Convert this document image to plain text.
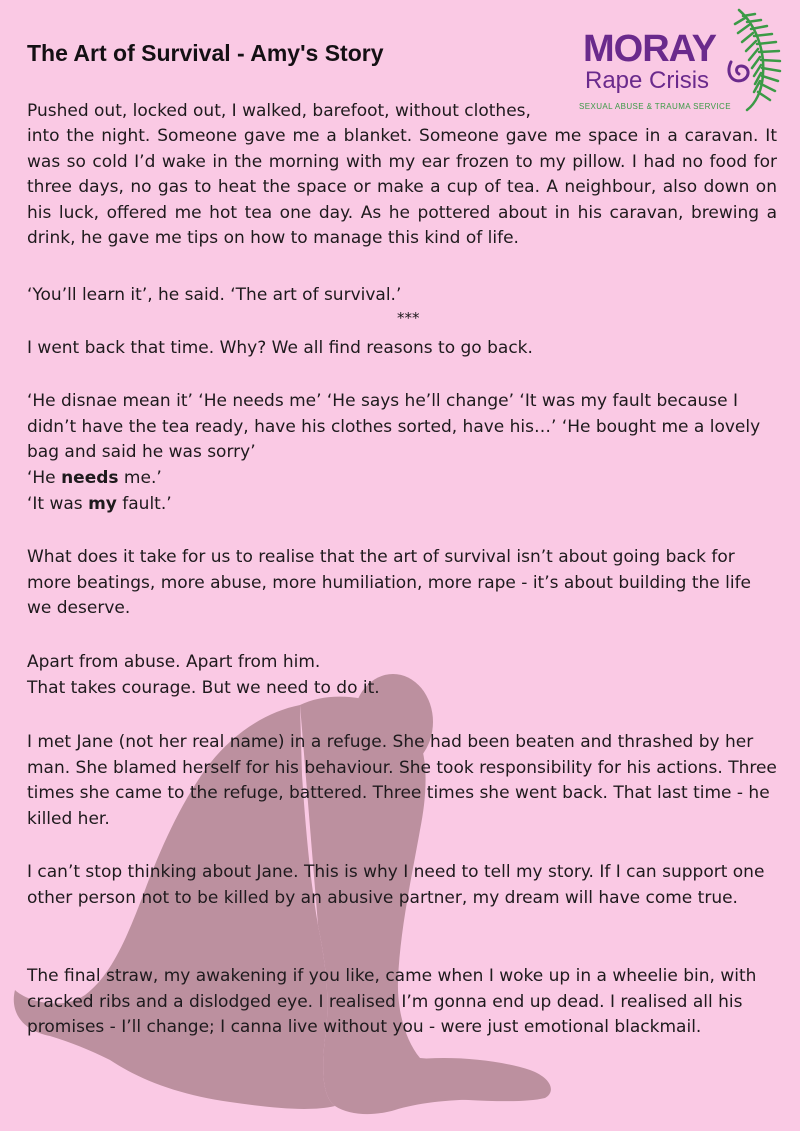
The Art of Survival - Amy's Story

Pushed out, locked out, I walked, barefoot, without clothes,

into the night. Someone gave me a blanket. Someone gave me space in a caravan. It was so cold I’d wake in the morning with my ear frozen to my pillow. I had no food for three days, no gas to heat the space or make a cup of tea. A neighbour, also down on his luck, offered me hot tea one day. As he pottered about in his caravan, brewing a drink, he gave me tips on how to manage this kind of life.

‘You’ll learn it’, he said. ‘The art of survival.’

***

I went back that time. Why? We all find reasons to go back.

‘He disnae mean it’ ‘He needs me’ ‘He says he’ll change’ ‘It was my fault because I didn’t have the tea ready, have his clothes sorted, have his…’ ‘He bought me a lovely bag and said he was sorry’

‘He needs me.’

‘It was my fault.’

What does it take for us to realise that the art of survival isn’t about going back for more beatings, more abuse, more humiliation, more rape - it’s about building the life we deserve.

Apart from abuse. Apart from him.

That takes courage. But we need to do it.

I met Jane (not her real name) in a refuge. She had been beaten and thrashed by her man. She blamed herself for his behaviour. She took responsibility for his actions. Three times she came to the refuge, battered. Three times she went back. That last time - he killed her.

I can’t stop thinking about Jane. This is why I need to tell my story. If I can support one other person not to be killed by an abusive partner, my dream will have come true.

The final straw, my awakening if you like, came when I woke up in a wheelie bin, with cracked ribs and a dislodged eye. I realised I’m gonna end up dead. I realised all his promises - I’ll change; I canna live without you - were just emotional blackmail.

MORAY
Rape Crisis
SEXUAL ABUSE & TRAUMA SERVICE
